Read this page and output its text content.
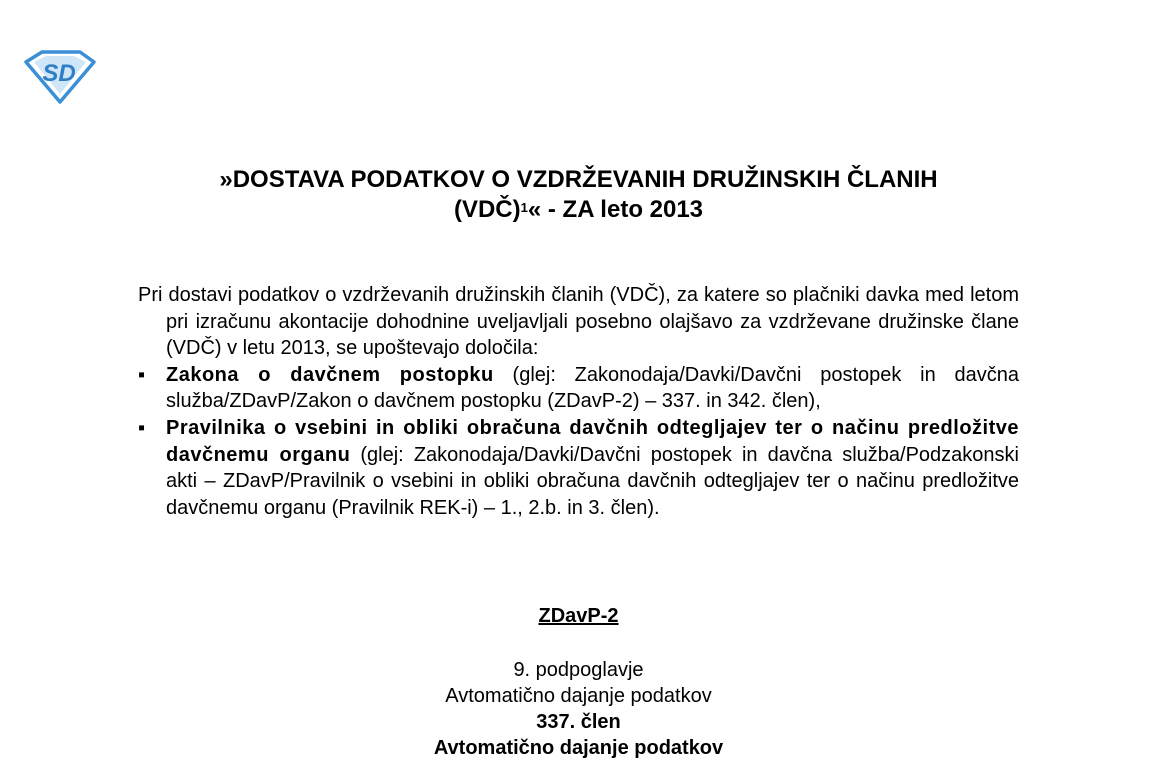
SD
»DOSTAVA PODATKOV O VZDRŽEVANIH DRUŽINSKIH ČLANIH
(VDČ)$^1$« - ZA leto 2013

Pri dostavi podatkov o vzdrževanih družinskih članih (VDČ), za katere so plačniki davka med letom pri izračunu akontacije dohodnine uveljavljali posebno olajšavo za vzdrževane družinske člane (VDČ) v letu 2013, se upoštevajo določila:

▪ Zakona o davčnem postopku (glej: Zakonodaja/Davki/Davčni postopek in davčna služba/ZDavP/Zakon o davčnem postopku (ZDavP-2) – 337. in 342. člen),

▪ Pravilnika o vsebini in obliki obračuna davčnih odtegljajev ter o načinu predložitve davčnemu organu (glej: Zakonodaja/Davki/Davčni postopek in davčna služba/Podzakonski akti – ZDavP/Pravilnik o vsebini in obliki obračuna davčnih odtegljajev ter o načinu predložitve davčnemu organu (Pravilnik REK-i) – 1., 2.b. in 3. člen).

ZDavP-2
9. podpoglavje
Avtomatično dajanje podatkov
337. člen
Avtomatično dajanje podatkov
